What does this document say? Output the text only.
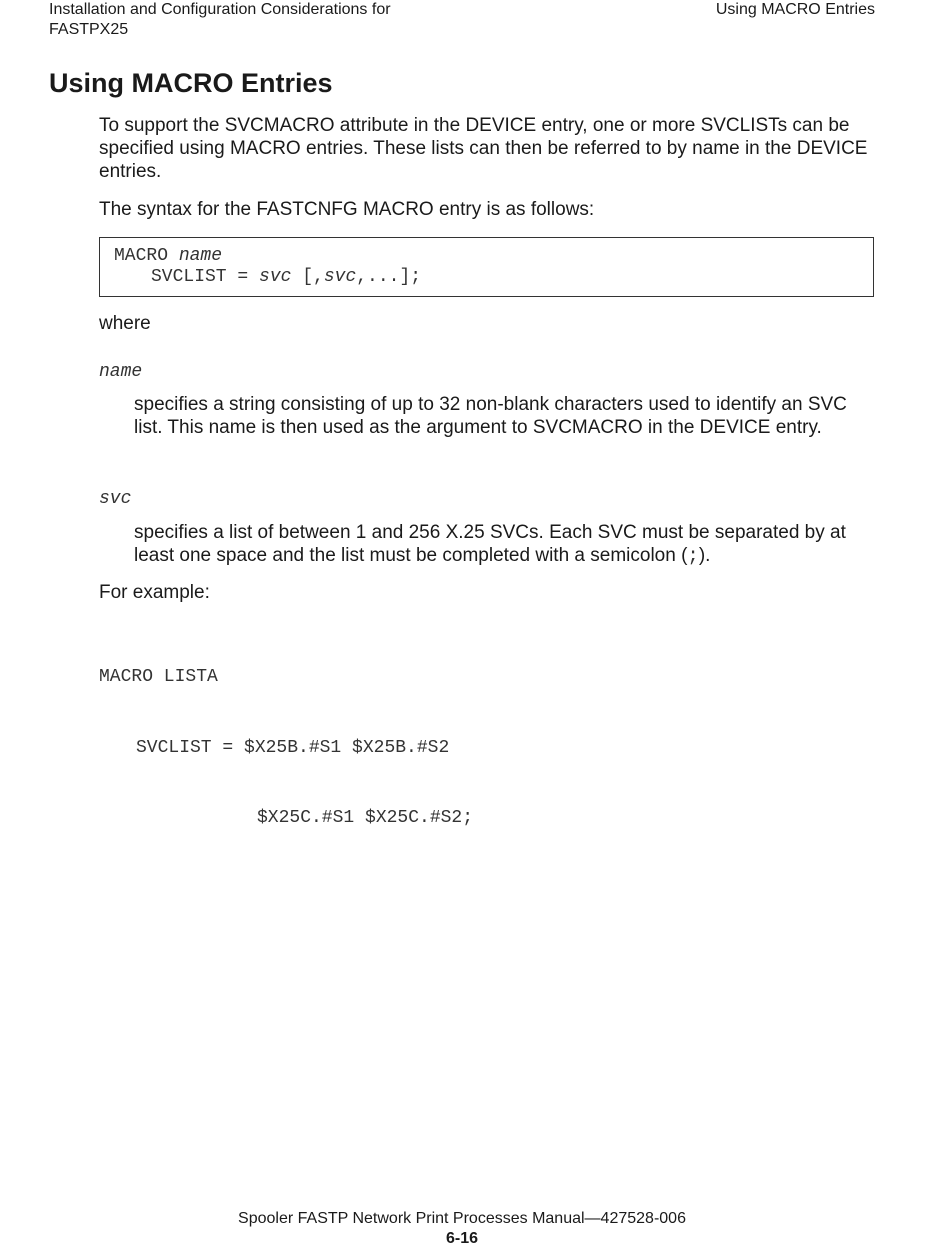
Installation and Configuration Considerations for
FASTPX25
Using MACRO Entries
Using MACRO Entries

To support the SVCMACRO attribute in the DEVICE entry, one or more SVCLISTs can be specified using MACRO entries. These lists can then be referred to by name in the DEVICE entries.

The syntax for the FASTCNFG MACRO entry is as follows:

MACRO name
SVCLIST = svc [,svc,...];

where

name

specifies a string consisting of up to 32 non-blank characters used to identify an SVC list. This name is then used as the argument to SVCMACRO in the DEVICE entry.

svc

specifies a list of between 1 and 256 X.25 SVCs. Each SVC must be separated by at least one space and the list must be completed with a semicolon (;).

For example:

MACRO LISTA

SVCLIST = $X25B.#S1 $X25B.#S2

$X25C.#S1 $X25C.#S2;

Spooler FASTP Network Print Processes Manual—427528-006
6-16
